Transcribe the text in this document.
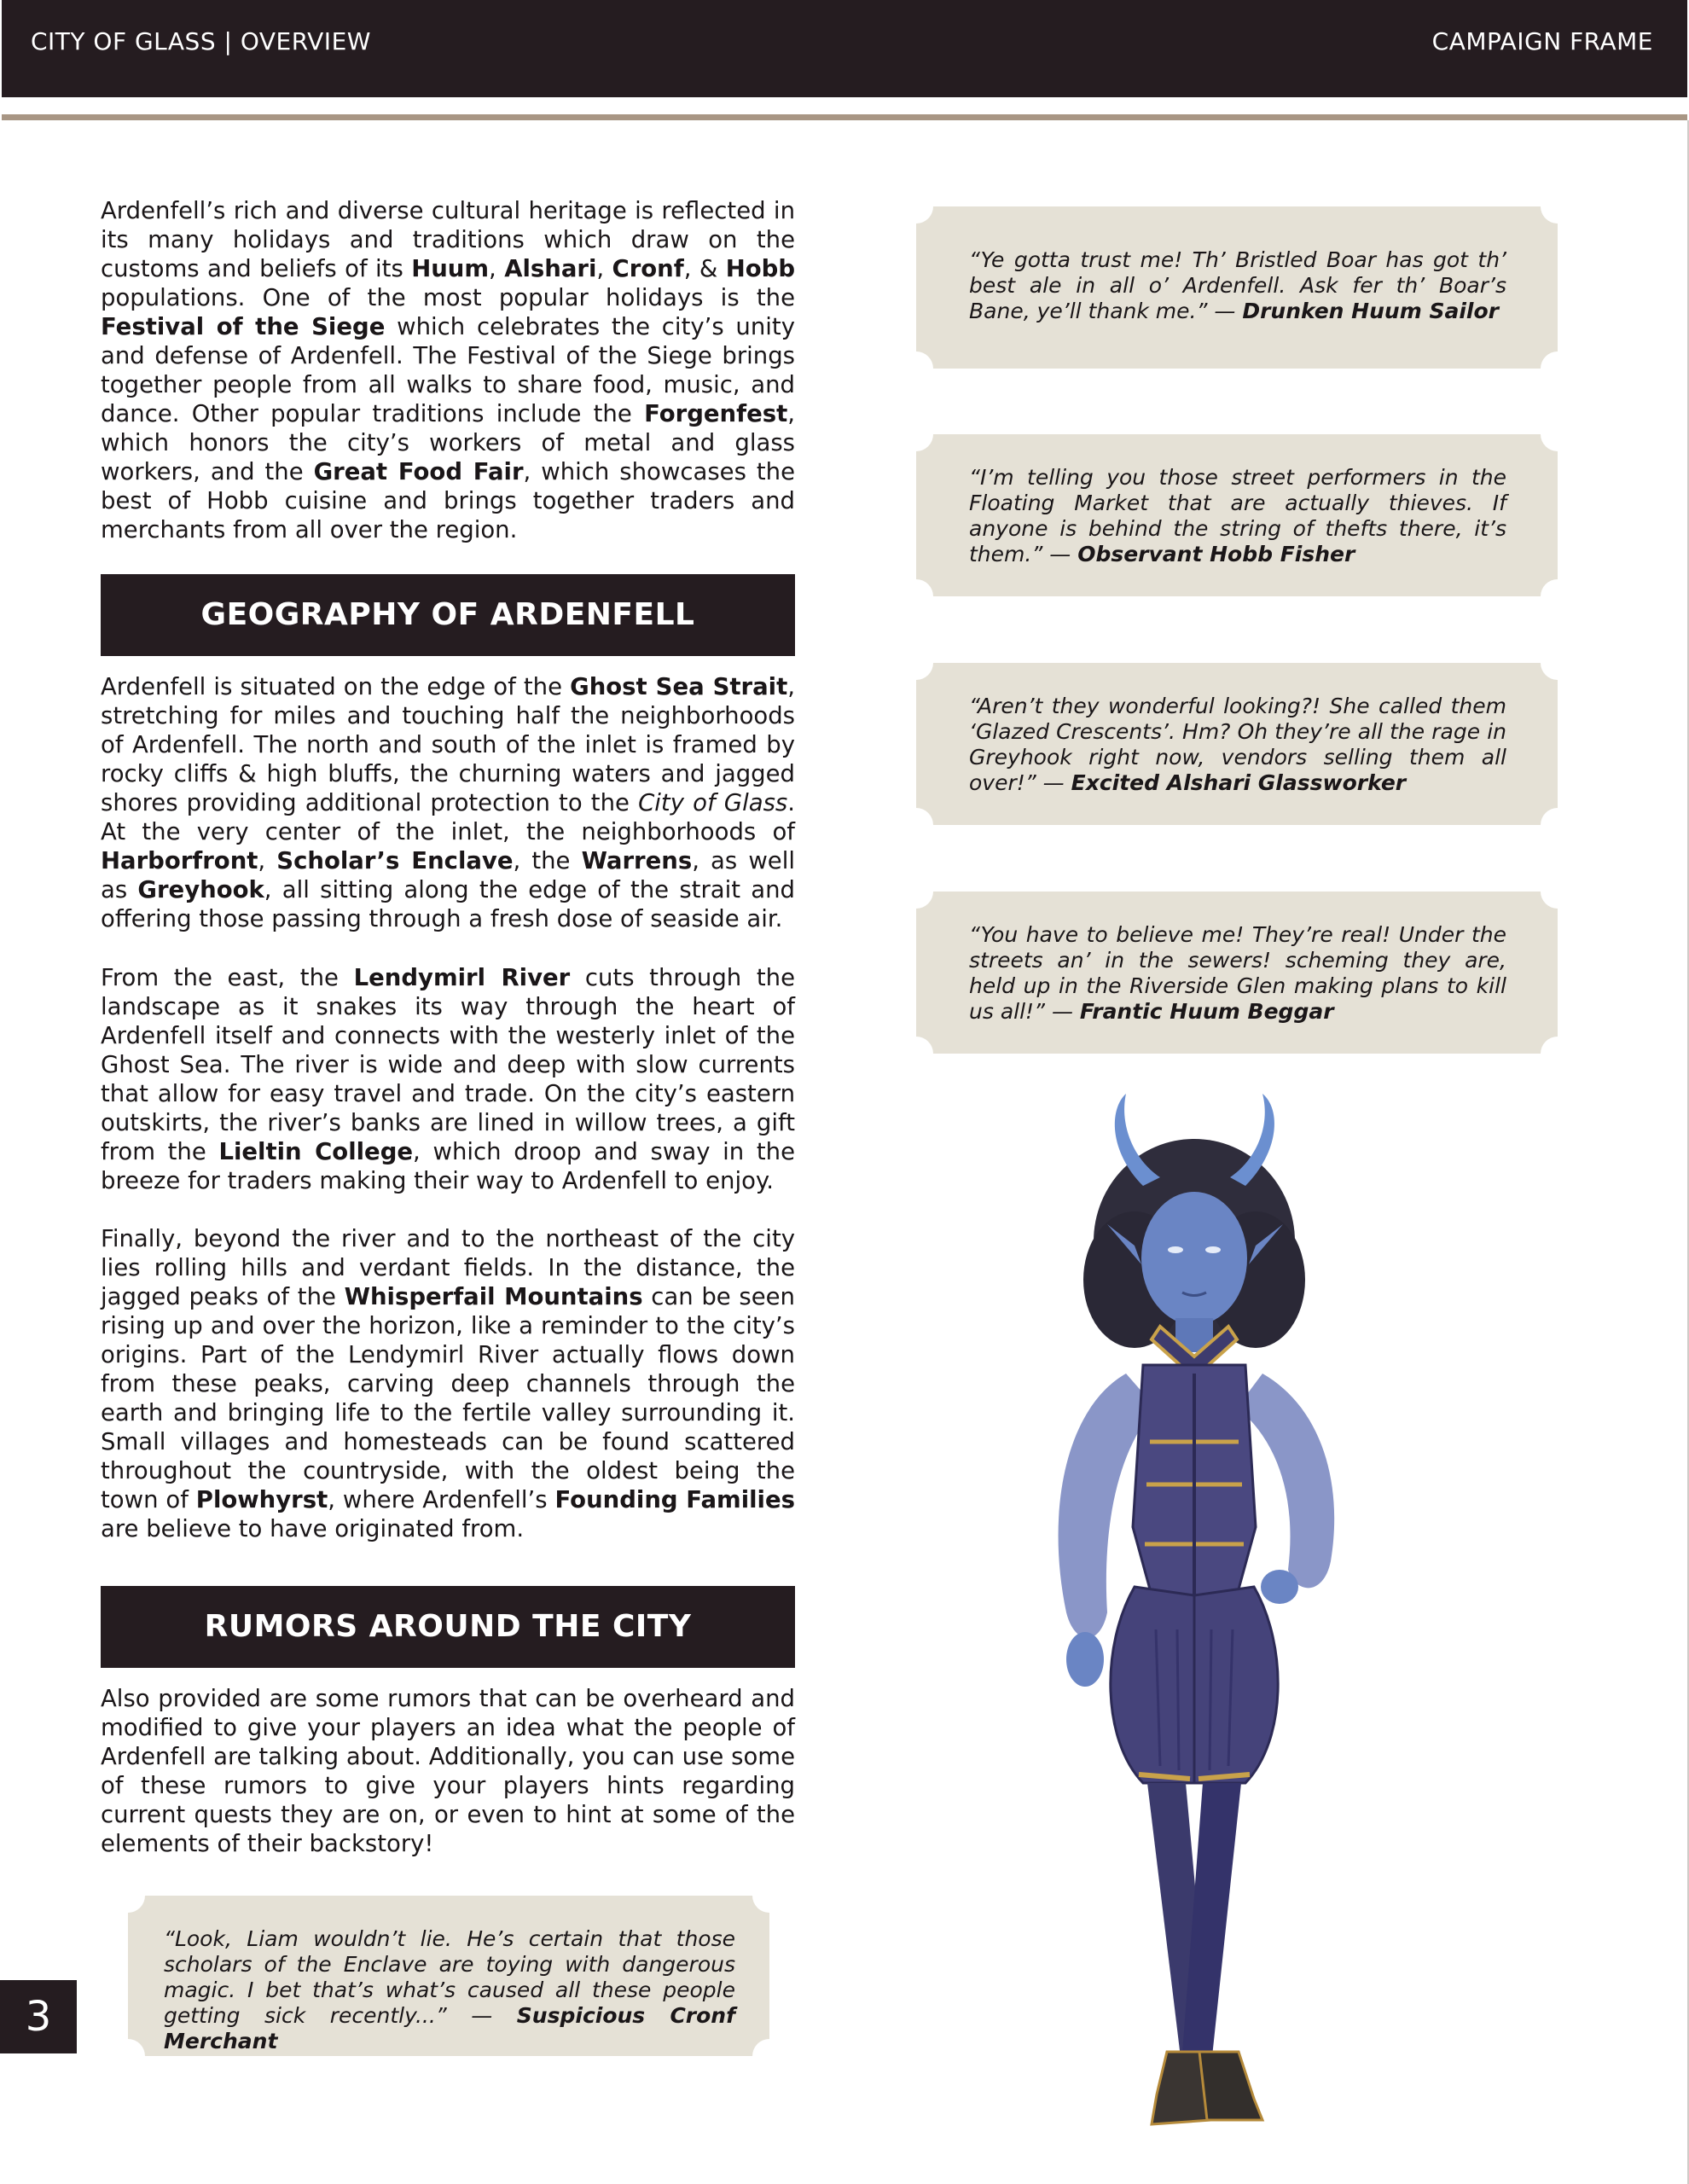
CITY OF GLASS | OVERVIEW	CAMPAIGN FRAME
Ardenfell’s rich and diverse cultural heritage is reflected in its many holidays and traditions which draw on the customs and beliefs of its Huum, Alshari, Cronf, & Hobb populations. One of the most popular holidays is the Festival of the Siege which celebrates the city’s unity and defense of Ardenfell. The Festival of the Siege brings together people from all walks to share food, music, and dance. Other popular traditions include the Forgenfest, which honors the city’s workers of metal and glass workers, and the Great Food Fair, which showcases the best of Hobb cuisine and brings together traders and merchants from all over the region.
GEOGRAPHY OF ARDENFELL
Ardenfell is situated on the edge of the Ghost Sea Strait, stretching for miles and touching half the neighborhoods of Ardenfell. The north and south of the inlet is framed by rocky cliffs & high bluffs, the churning waters and jagged shores providing additional protection to the City of Glass. At the very center of the inlet, the neighborhoods of Harborfront, Scholar’s Enclave, the Warrens, as well as Greyhook, all sitting along the edge of the strait and offering those passing through a fresh dose of seaside air.
From the east, the Lendymirl River cuts through the landscape as it snakes its way through the heart of Ardenfell itself and connects with the westerly inlet of the Ghost Sea. The river is wide and deep with slow currents that allow for easy travel and trade. On the city’s eastern outskirts, the river’s banks are lined in willow trees, a gift from the Lieltin College, which droop and sway in the breeze for traders making their way to Ardenfell to enjoy.
Finally, beyond the river and to the northeast of the city lies rolling hills and verdant fields. In the distance, the jagged peaks of the Whisperfail Mountains can be seen rising up and over the horizon, like a reminder to the city’s origins. Part of the Lendymirl River actually flows down from these peaks, carving deep channels through the earth and bringing life to the fertile valley surrounding it. Small villages and homesteads can be found scattered throughout the countryside, with the oldest being the town of Plowhyrst, where Ardenfell’s Founding Families are believe to have originated from.
RUMORS AROUND THE CITY
Also provided are some rumors that can be overheard and modified to give your players an idea what the people of Ardenfell are talking about. Additionally, you can use some of these rumors to give your players hints regarding current quests they are on, or even to hint at some of the elements of their backstory!
“Ye gotta trust me! Th’ Bristled Boar has got th’ best ale in all o’ Ardenfell. Ask fer th’ Boar’s Bane, ye’ll thank me.” — Drunken Huum Sailor
“I’m telling you those street performers in the Floating Market that are actually thieves. If anyone is behind the string of thefts there, it’s them.” — Observant Hobb Fisher
“Aren’t they wonderful looking?! She called them ‘Glazed Crescents’. Hm? Oh they’re all the rage in Greyhook right now, vendors selling them all over!” — Excited Alshari Glassworker
“You have to believe me! They’re real! Under the streets an’ in the sewers! scheming they are, held up in the Riverside Glen making plans to kill us all!” — Frantic Huum Beggar
“Look, Liam wouldn’t lie. He’s certain that those scholars of the Enclave are toying with dangerous magic. I bet that’s what’s caused all these people getting sick recently...” — Suspicious Cronf Merchant
3
